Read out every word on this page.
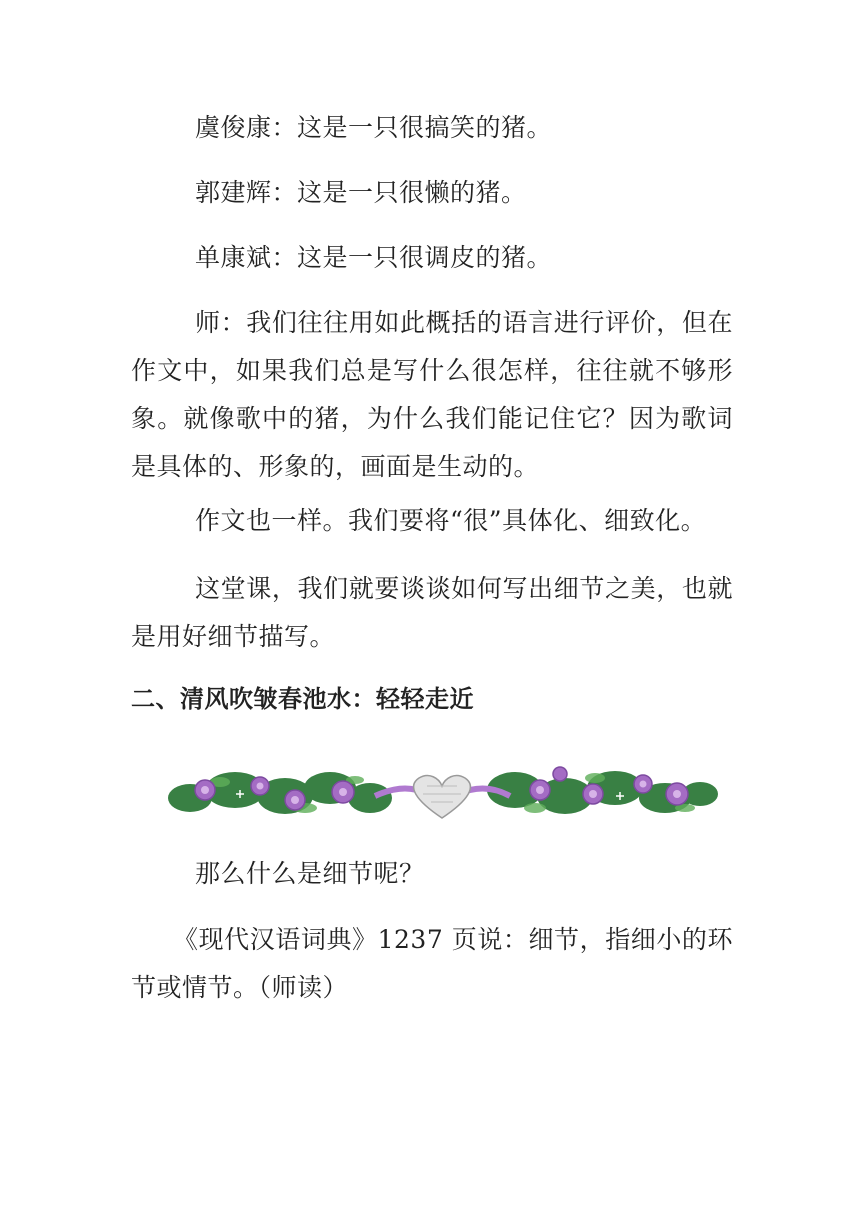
虞俊康：这是一只很搞笑的猪。

郭建辉：这是一只很懒的猪。

单康斌：这是一只很调皮的猪。

师：我们往往用如此概括的语言进行评价，但在作文中，如果我们总是写什么很怎样，往往就不够形象。就像歌中的猪，为什么我们能记住它？因为歌词是具体的、形象的，画面是生动的。

作文也一样。我们要将“很”具体化、细致化。

这堂课，我们就要谈谈如何写出细节之美，也就是用好细节描写。

二、清风吹皱春池水：轻轻走近

那么什么是细节呢？

《现代汉语词典》1237 页说：细节，指细小的环节或情节。（师读）
